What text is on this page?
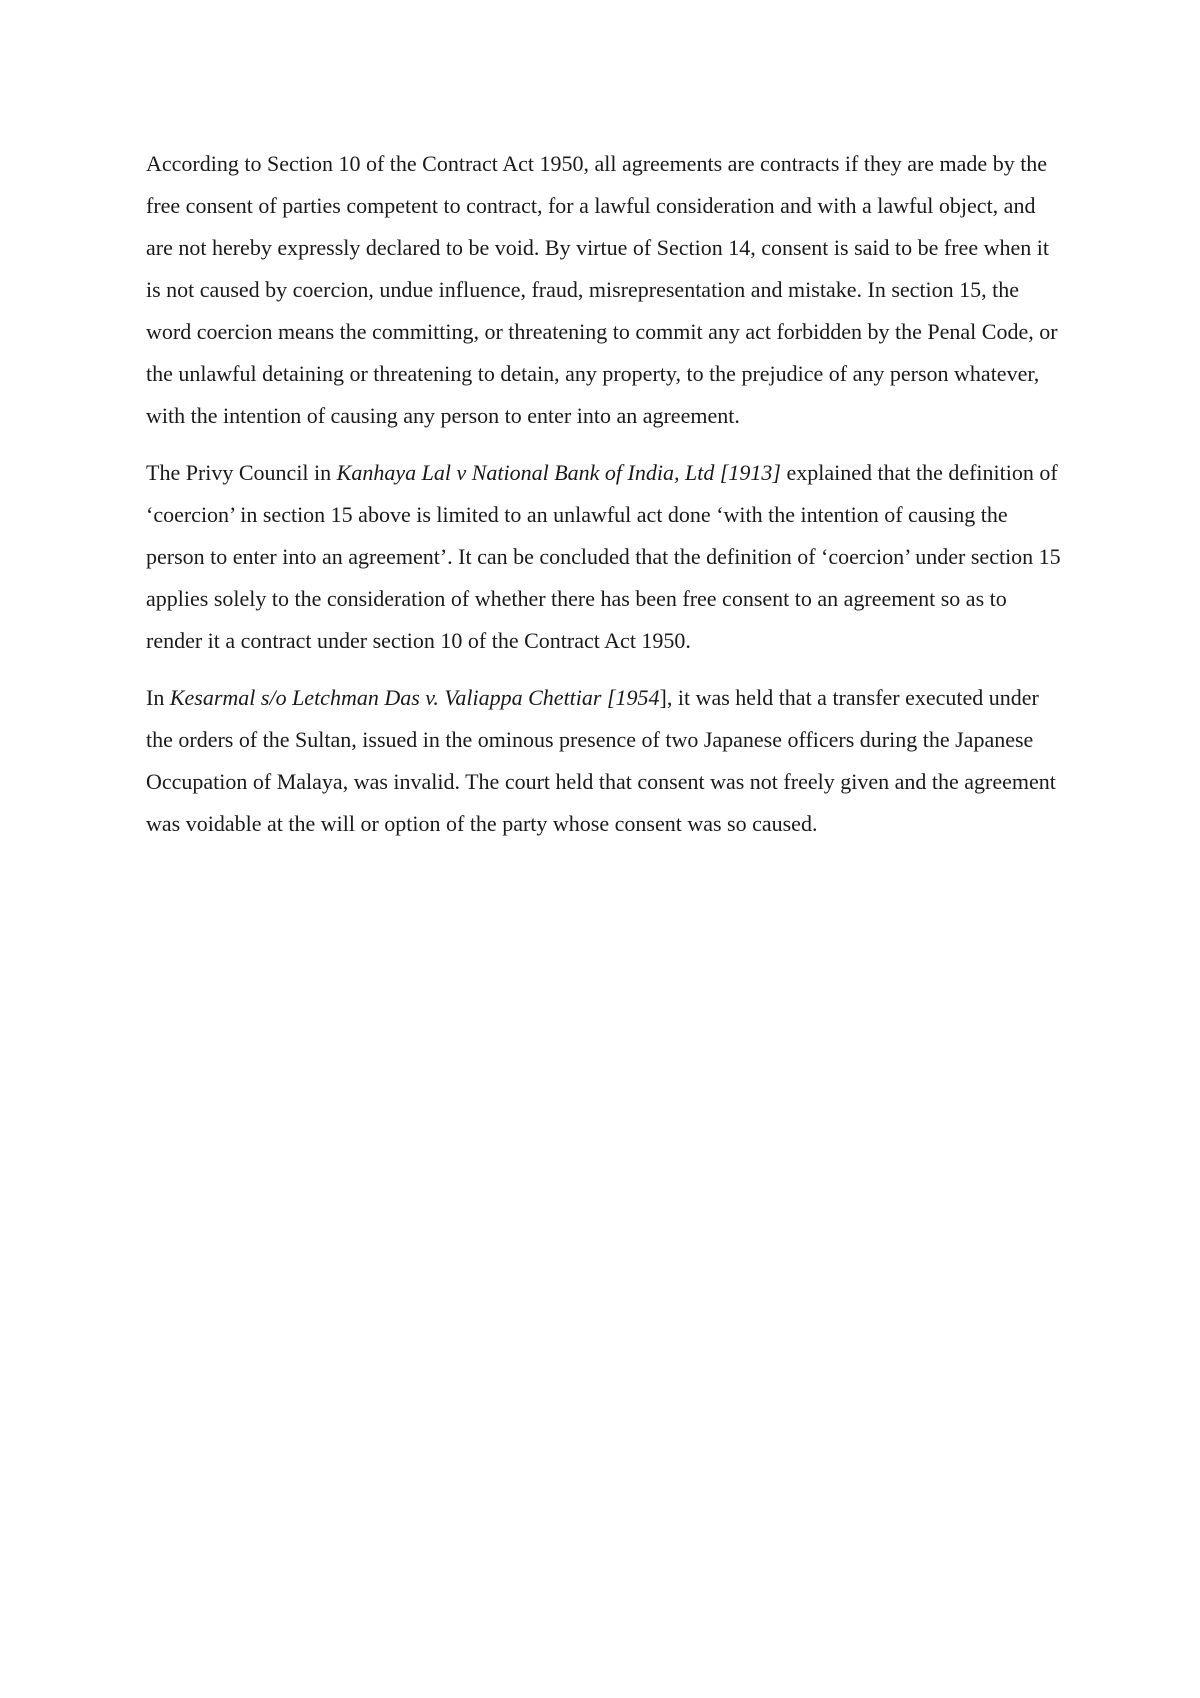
According to Section 10 of the Contract Act 1950, all agreements are contracts if they are made by the free consent of parties competent to contract, for a lawful consideration and with a lawful object, and are not hereby expressly declared to be void. By virtue of Section 14, consent is said to be free when it is not caused by coercion, undue influence, fraud, misrepresentation and mistake. In section 15, the word coercion means the committing, or threatening to commit any act forbidden by the Penal Code, or the unlawful detaining or threatening to detain, any property, to the prejudice of any person whatever, with the intention of causing any person to enter into an agreement.

The Privy Council in Kanhaya Lal v National Bank of India, Ltd [1913] explained that the definition of ‘coercion’ in section 15 above is limited to an unlawful act done ‘with the intention of causing the person to enter into an agreement’. It can be concluded that the definition of ‘coercion’ under section 15 applies solely to the consideration of whether there has been free consent to an agreement so as to render it a contract under section 10 of the Contract Act 1950.

In Kesarmal s/o Letchman Das v. Valiappa Chettiar [1954], it was held that a transfer executed under the orders of the Sultan, issued in the ominous presence of two Japanese officers during the Japanese Occupation of Malaya, was invalid. The court held that consent was not freely given and the agreement was voidable at the will or option of the party whose consent was so caused.
